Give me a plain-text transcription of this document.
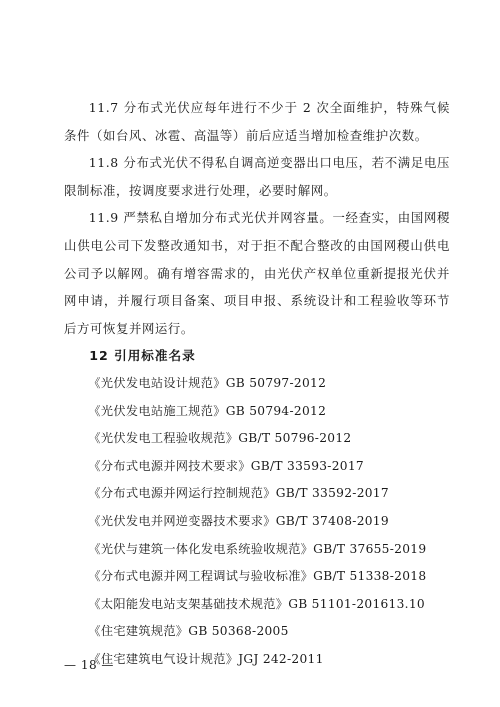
11.7 分布式光伏应每年进行不少于 2 次全面维护，特殊气候条件（如台风、冰雹、高温等）前后应适当增加检查维护次数。

11.8 分布式光伏不得私自调高逆变器出口电压，若不满足电压限制标准，按调度要求进行处理，必要时解网。

11.9 严禁私自增加分布式光伏并网容量。一经查实，由国网稷山供电公司下发整改通知书，对于拒不配合整改的由国网稷山供电公司予以解网。确有增容需求的，由光伏产权单位重新提报光伏并网申请，并履行项目备案、项目申报、系统设计和工程验收等环节后方可恢复并网运行。

12 引用标准名录
《光伏发电站设计规范》GB 50797-2012
《光伏发电站施工规范》GB 50794-2012
《光伏发电工程验收规范》GB/T 50796-2012
《分布式电源并网技术要求》GB/T 33593-2017
《分布式电源并网运行控制规范》GB/T 33592-2017
《光伏发电并网逆变器技术要求》GB/T 37408-2019
《光伏与建筑一体化发电系统验收规范》GB/T 37655-2019
《分布式电源并网工程调试与验收标准》GB/T 51338-2018
《太阳能发电站支架基础技术规范》GB 51101-201613.10
《住宅建筑规范》GB 50368-2005
《住宅建筑电气设计规范》JGJ 242-2011
— 18 —
